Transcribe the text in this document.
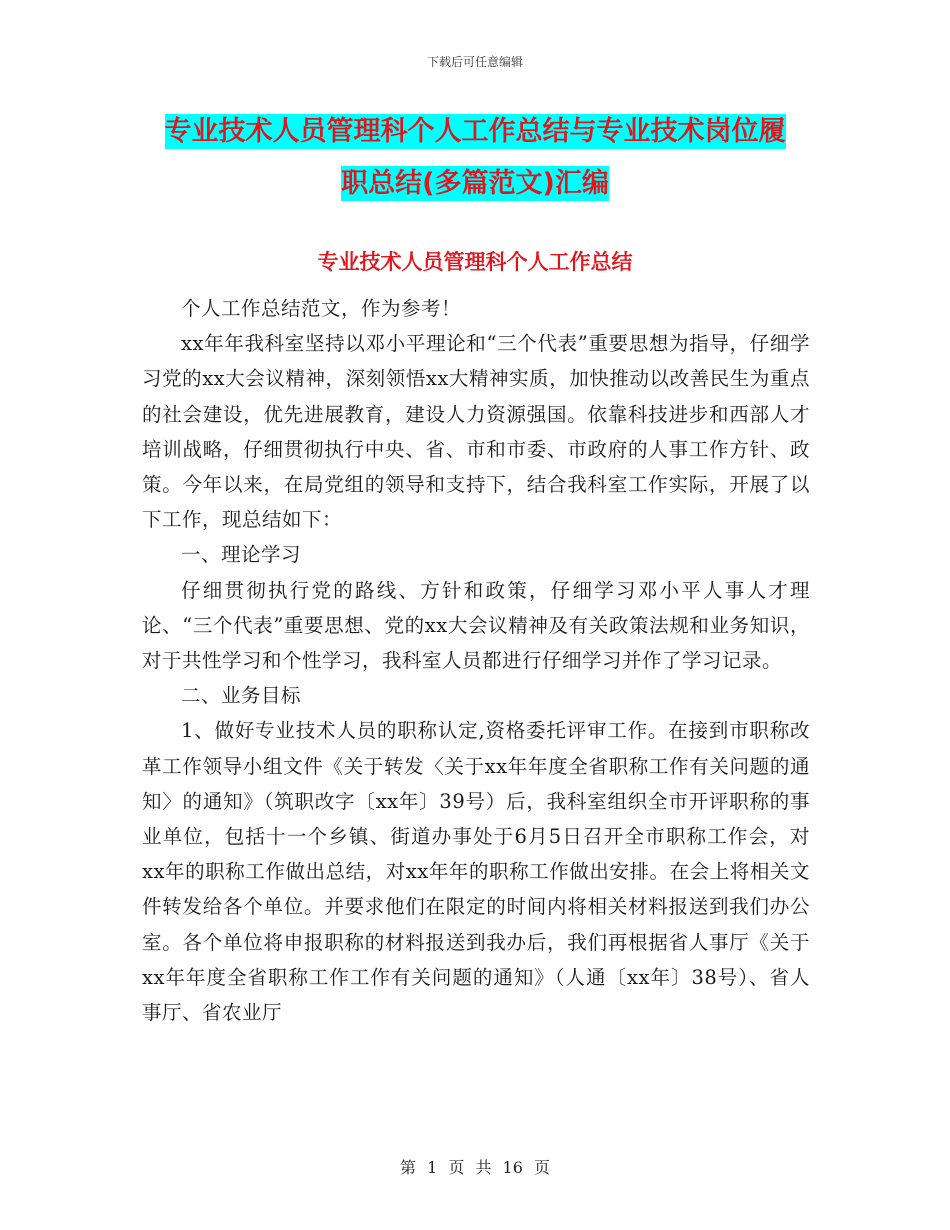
下载后可任意编辑
专业技术人员管理科个人工作总结与专业技术岗位履
职总结(多篇范文)汇编
专业技术人员管理科个人工作总结

个人工作总结范文，作为参考！

xx年年我科室坚持以邓小平理论和“三个代表”重要思想为指导，仔细学习党的xx大会议精神，深刻领悟xx大精神实质，加快推动以改善民生为重点的社会建设，优先进展教育，建设人力资源强国。依靠科技进步和西部人才培训战略，仔细贯彻执行中央、省、市和市委、市政府的人事工作方针、政策。今年以来，在局党组的领导和支持下，结合我科室工作实际，开展了以下工作，现总结如下：

一、理论学习

仔细贯彻执行党的路线、方针和政策，仔细学习邓小平人事人才理论、“三个代表”重要思想、党的xx大会议精神及有关政策法规和业务知识，对于共性学习和个性学习，我科室人员都进行仔细学习并作了学习记录。

二、业务目标

1、做好专业技术人员的职称认定,资格委托评审工作。在接到市职称改革工作领导小组文件《关于转发〈关于xx年年度全省职称工作有关问题的通知〉的通知》（筑职改字〔xx年〕39号）后，我科室组织全市开评职称的事业单位，包括十一个乡镇、街道办事处于6月5日召开全市职称工作会，对xx年的职称工作做出总结，对xx年年的职称工作做出安排。在会上将相关文件转发给各个单位。并要求他们在限定的时间内将相关材料报送到我们办公室。各个单位将申报职称的材料报送到我办后，我们再根据省人事厅《关于xx年年度全省职称工作工作有关问题的通知》（人通〔xx年〕38号）、省人事厅、省农业厅

第 1 页 共 16 页
